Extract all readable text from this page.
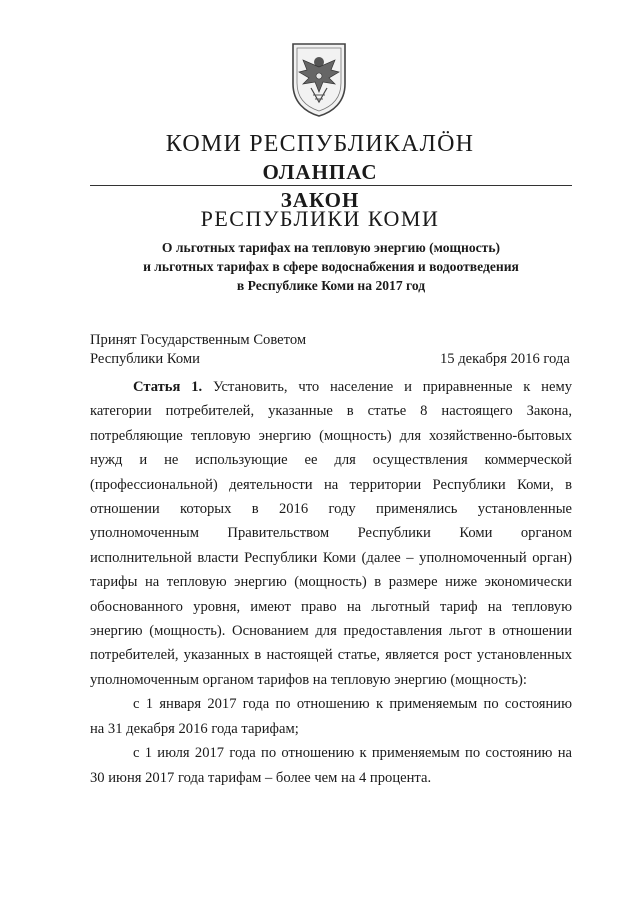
КОМИ РЕСПУБЛИКАЛӦН
ОЛАНПАС
ЗАКОН
РЕСПУБЛИКИ КОМИ
О льготных тарифах на тепловую энергию (мощность)
и льготных тарифах в сфере водоснабжения и водоотведения
в Республике Коми на 2017 год
Принят Государственным Советом
Республики Коми	15 декабря 2016 года
Статья 1. Установить, что население и приравненные к нему
категории потребителей, указанные в статье 8 настоящего Закона,
потребляющие тепловую энергию (мощность) для хозяйственно-бытовых
нужд и не использующие ее для осуществления коммерческой
(профессиональной) деятельности на территории Республики Коми, в
отношении которых в 2016 году применялись установленные
уполномоченным Правительством Республики Коми органом
исполнительной власти Республики Коми (далее – уполномоченный орган)
тарифы на тепловую энергию (мощность) в размере ниже экономически
обоснованного уровня, имеют право на льготный тариф на тепловую
энергию (мощность). Основанием для предоставления льгот в отношении
потребителей, указанных в настоящей статье, является рост установленных
уполномоченным органом тарифов на тепловую энергию (мощность):
с 1 января 2017 года по отношению к применяемым по состоянию
на 31 декабря 2016 года тарифам;
с 1 июля 2017 года по отношению к применяемым по состоянию на
30 июня 2017 года тарифам – более чем на 4 процента.
